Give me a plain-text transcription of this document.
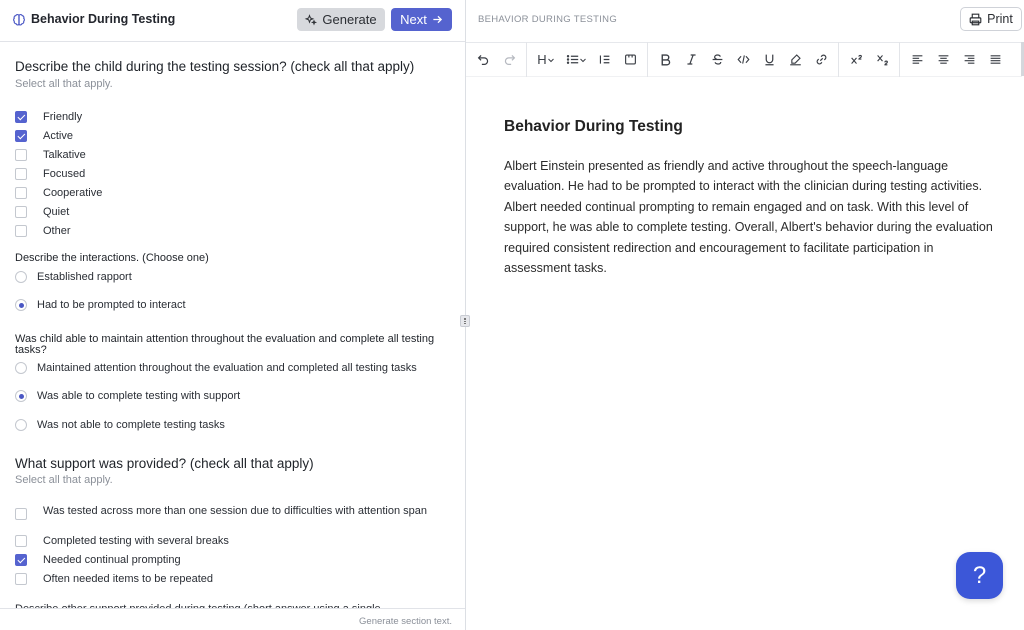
Behavior During Testing	Generate Next
Describe the child during the testing session? (check all that apply)
Select all that apply.
Friendly
Active
Talkative
Focused
Cooperative
Quiet
Other
Describe the interactions. (Choose one)
Established rapport
Had to be prompted to interact
Was child able to maintain attention throughout the evaluation and complete all testing tasks?
Maintained attention throughout the evaluation and completed all testing tasks
Was able to complete testing with support
Was not able to complete testing tasks
What support was provided? (check all that apply)
Select all that apply.
Was tested across more than one session due to difficulties with attention span
Completed testing with several breaks
Needed continual prompting
Often needed items to be repeated
Generate section text.
BEHAVIOR DURING TESTING	Print
H
Behavior During Testing
Albert Einstein presented as friendly and active throughout the speech-language evaluation. He had to be prompted to interact with the clinician during testing activities. Albert needed continual prompting to remain engaged and on task. With this level of support, he was able to complete testing. Overall, Albert's behavior during the evaluation required consistent redirection and encouragement to facilitate participation in assessment tasks.
?
